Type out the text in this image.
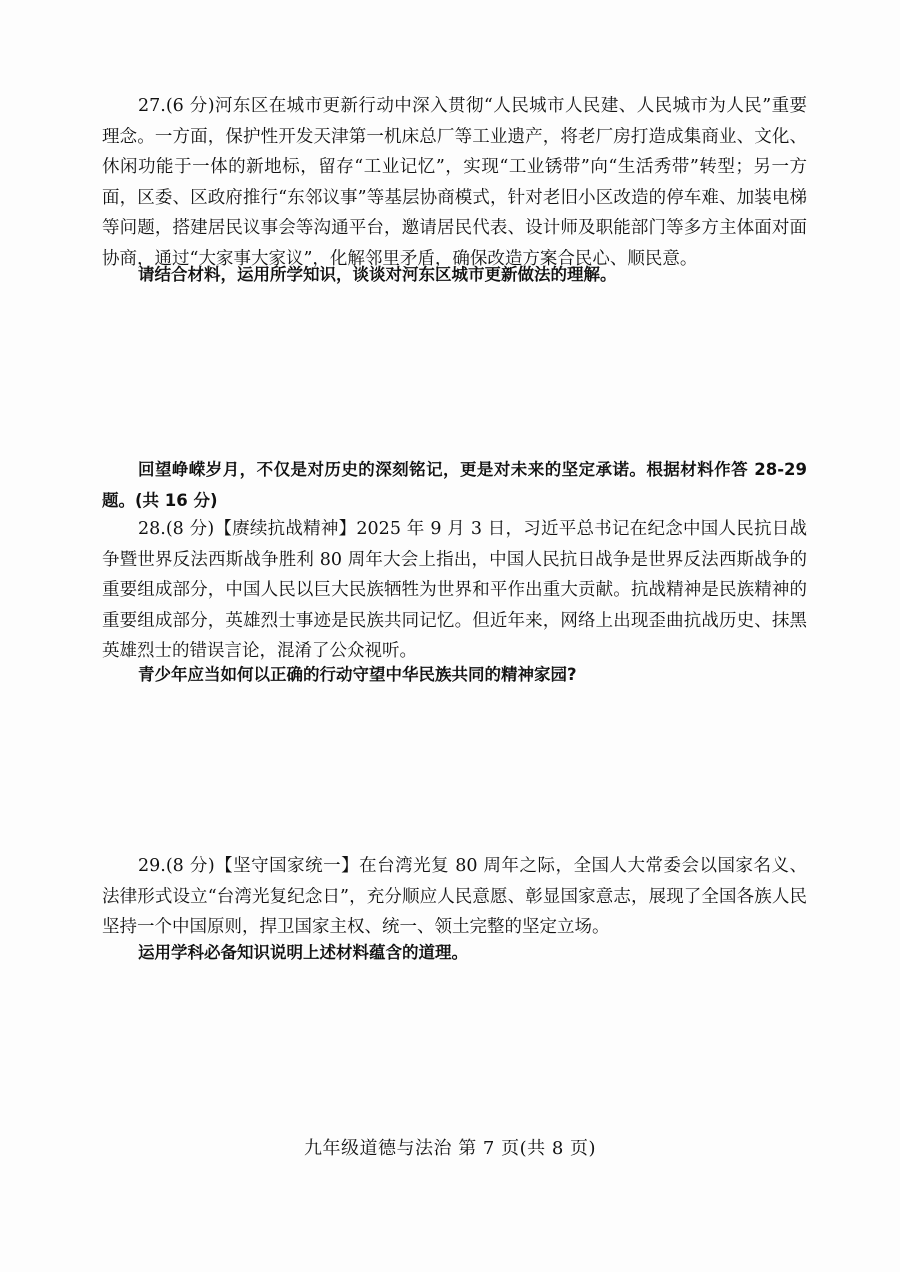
27.(6 分)河东区在城市更新行动中深入贯彻“人民城市人民建、人民城市为人民”重要理念。一方面，保护性开发天津第一机床总厂等工业遗产，将老厂房打造成集商业、文化、休闲功能于一体的新地标，留存“工业记忆”，实现“工业锈带”向“生活秀带”转型；另一方面，区委、区政府推行“东邻议事”等基层协商模式，针对老旧小区改造的停车难、加装电梯等问题，搭建居民议事会等沟通平台，邀请居民代表、设计师及职能部门等多方主体面对面协商，通过“大家事大家议”，化解邻里矛盾，确保改造方案合民心、顺民意。

请结合材料，运用所学知识，谈谈对河东区城市更新做法的理解。

回望峥嵘岁月，不仅是对历史的深刻铭记，更是对未来的坚定承诺。根据材料作答 28-29 题。(共 16 分)

28.(8 分)【赓续抗战精神】2025 年 9 月 3 日，习近平总书记在纪念中国人民抗日战争暨世界反法西斯战争胜利 80 周年大会上指出，中国人民抗日战争是世界反法西斯战争的重要组成部分，中国人民以巨大民族牺牲为世界和平作出重大贡献。抗战精神是民族精神的重要组成部分，英雄烈士事迹是民族共同记忆。但近年来，网络上出现歪曲抗战历史、抹黑英雄烈士的错误言论，混淆了公众视听。

青少年应当如何以正确的行动守望中华民族共同的精神家园?

29.(8 分)【坚守国家统一】在台湾光复 80 周年之际，全国人大常委会以国家名义、法律形式设立“台湾光复纪念日”，充分顺应人民意愿、彰显国家意志，展现了全国各族人民坚持一个中国原则，捍卫国家主权、统一、领土完整的坚定立场。

运用学科必备知识说明上述材料蕴含的道理。

九年级道德与法治 第 7 页(共 8 页)
